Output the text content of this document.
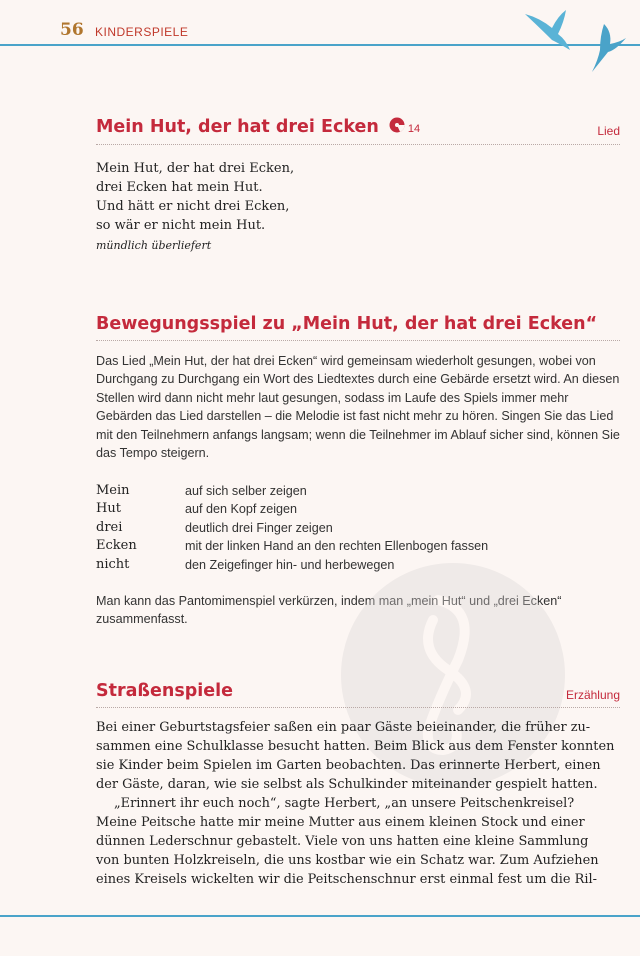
56 KINDERSPIELE
Mein Hut, der hat drei Ecken	14	Lied
Mein Hut, der hat drei Ecken,
drei Ecken hat mein Hut.
Und hätt er nicht drei Ecken,
so wär er nicht mein Hut.
mündlich überliefert
Bewegungsspiel zu „Mein Hut, der hat drei Ecken“
Das Lied „Mein Hut, der hat drei Ecken“ wird gemeinsam wiederholt gesungen, wobei von Durchgang zu Durchgang ein Wort des Liedtextes durch eine Gebärde ersetzt wird. An diesen Stellen wird dann nicht mehr laut gesungen, sodass im Laufe des Spiels immer mehr Gebärden das Lied darstellen – die Melodie ist fast nicht mehr zu hören. Singen Sie das Lied mit den Teilnehmern anfangs langsam; wenn die Teilnehmer im Ablauf sicher sind, können Sie das Tempo steigern.
Mein	auf sich selber zeigen
Hut	auf den Kopf zeigen
drei	deutlich drei Finger zeigen
Ecken	mit der linken Hand an den rechten Ellenbogen fassen
nicht	den Zeigefinger hin- und herbewegen
Man kann das Pantomimenspiel verkürzen, indem man „mein Hut“ und „drei Ecken“ zusammenfasst.
Straßenspiele	Erzählung
Bei einer Geburtstagsfeier saßen ein paar Gäste beieinander, die früher zu-
sammen eine Schulklasse besucht hatten. Beim Blick aus dem Fenster konnten
sie Kinder beim Spielen im Garten beobachten. Das erinnerte Herbert, einen
der Gäste, daran, wie sie selbst als Schulkinder miteinander gespielt hatten.
„Erinnert ihr euch noch“, sagte Herbert, „an unsere Peitschenkreisel?
Meine Peitsche hatte mir meine Mutter aus einem kleinen Stock und einer
dünnen Lederschnur gebastelt. Viele von uns hatten eine kleine Sammlung
von bunten Holzkreiseln, die uns kostbar wie ein Schatz war. Zum Aufziehen
eines Kreisels wickelten wir die Peitschenschnur erst einmal fest um die Ril-
